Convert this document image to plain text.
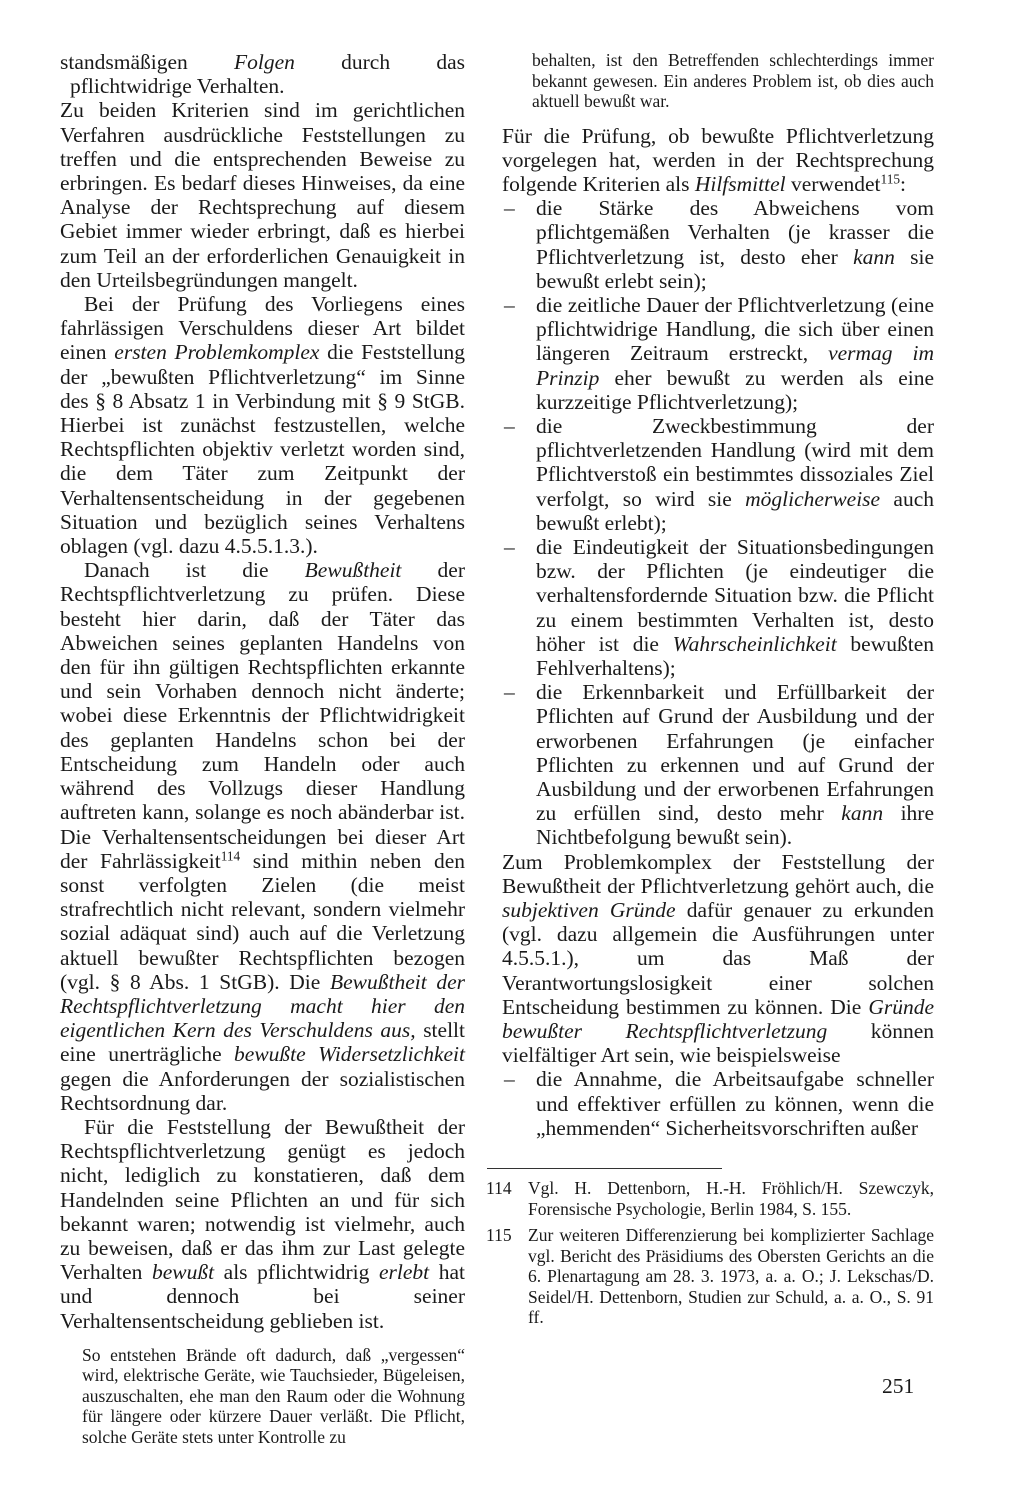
standsmäßigen Folgen durch das pflichtwidrige Verhalten.

Zu beiden Kriterien sind im gerichtlichen Verfahren ausdrückliche Feststellungen zu treffen und die entsprechenden Beweise zu erbringen. Es bedarf dieses Hinweises, da eine Analyse der Rechtsprechung auf diesem Gebiet immer wieder erbringt, daß es hierbei zum Teil an der erforderlichen Genauigkeit in den Urteilsbegründungen mangelt.

Bei der Prüfung des Vorliegens eines fahrlässigen Verschuldens dieser Art bildet einen ersten Problemkomplex die Feststellung der „bewußten Pflichtverletzung“ im Sinne des § 8 Absatz 1 in Verbindung mit § 9 StGB. Hierbei ist zunächst festzustellen, welche Rechtspflichten objektiv verletzt worden sind, die dem Täter zum Zeitpunkt der Verhaltensentscheidung in der gegebenen Situation und bezüglich seines Verhaltens oblagen (vgl. dazu 4.5.5.1.3.).

Danach ist die Bewußtheit der Rechtspflichtverletzung zu prüfen. Diese besteht hier darin, daß der Täter das Abweichen seines geplanten Handelns von den für ihn gültigen Rechtspflichten erkannte und sein Vorhaben dennoch nicht änderte; wobei diese Erkenntnis der Pflichtwidrigkeit des geplanten Handelns schon bei der Entscheidung zum Handeln oder auch während des Vollzugs dieser Handlung auftreten kann, solange es noch abänderbar ist. Die Verhaltensentscheidungen bei dieser Art der Fahrlässigkeit$^{114}$ sind mithin neben den sonst verfolgten Zielen (die meist strafrechtlich nicht relevant, sondern vielmehr sozial adäquat sind) auch auf die Verletzung aktuell bewußter Rechtspflichten bezogen (vgl. § 8 Abs. 1 StGB). Die Bewußtheit der Rechtspflichtverletzung macht hier den eigentlichen Kern des Verschuldens aus, stellt eine unerträgliche bewußte Widersetzlichkeit gegen die Anforderungen der sozialistischen Rechtsordnung dar.

Für die Feststellung der Bewußtheit der Rechtspflichtverletzung genügt es jedoch nicht, lediglich zu konstatieren, daß dem Handelnden seine Pflichten an und für sich bekannt waren; notwendig ist vielmehr, auch zu beweisen, daß er das ihm zur Last gelegte Verhalten bewußt als pflichtwidrig erlebt hat und dennoch bei seiner Verhaltensentscheidung geblieben ist.

So entstehen Brände oft dadurch, daß „vergessen“ wird, elektrische Geräte, wie Tauchsieder, Bügeleisen, auszuschalten, ehe man den Raum oder die Wohnung für längere oder kürzere Dauer verläßt. Die Pflicht, solche Geräte stets unter Kontrolle zu

behalten, ist den Betreffenden schlechterdings immer bekannt gewesen. Ein anderes Problem ist, ob dies auch aktuell bewußt war.

Für die Prüfung, ob bewußte Pflichtverletzung vorgelegen hat, werden in der Rechtsprechung folgende Kriterien als Hilfsmittel verwendet$^{115}$:

– die Stärke des Abweichens vom pflichtgemäßen Verhalten (je krasser die Pflichtverletzung ist, desto eher kann sie bewußt erlebt sein);
– die zeitliche Dauer der Pflichtverletzung (eine pflichtwidrige Handlung, die sich über einen längeren Zeitraum erstreckt, vermag im Prinzip eher bewußt zu werden als eine kurzzeitige Pflichtverletzung);
– die Zweckbestimmung der pflichtverletzenden Handlung (wird mit dem Pflichtverstoß ein bestimmtes dissoziales Ziel verfolgt, so wird sie möglicherweise auch bewußt erlebt);
– die Eindeutigkeit der Situationsbedingungen bzw. der Pflichten (je eindeutiger die verhaltensfordernde Situation bzw. die Pflicht zu einem bestimmten Verhalten ist, desto höher ist die Wahrscheinlichkeit bewußten Fehlverhaltens);
– die Erkennbarkeit und Erfüllbarkeit der Pflichten auf Grund der Ausbildung und der erworbenen Erfahrungen (je einfacher Pflichten zu erkennen und auf Grund der Ausbildung und der erworbenen Erfahrungen zu erfüllen sind, desto mehr kann ihre Nichtbefolgung bewußt sein).

Zum Problemkomplex der Feststellung der Bewußtheit der Pflichtverletzung gehört auch, die subjektiven Gründe dafür genauer zu erkunden (vgl. dazu allgemein die Ausführungen unter 4.5.5.1.), um das Maß der Verantwortungslosigkeit einer solchen Entscheidung bestimmen zu können. Die Gründe bewußter Rechtspflichtverletzung können vielfältiger Art sein, wie beispielsweise

– die Annahme, die Arbeitsaufgabe schneller und effektiver erfüllen zu können, wenn die „hemmenden“ Sicherheitsvorschriften außer
114 Vgl. H. Dettenborn, H.-H. Fröhlich/H. Szewczyk, Forensische Psychologie, Berlin 1984, S. 155.
115 Zur weiteren Differenzierung bei komplizierter Sachlage vgl. Bericht des Präsidiums des Obersten Gerichts an die 6. Plenartagung am 28. 3. 1973, a. a. O.; J. Lekschas/D. Seidel/H. Dettenborn, Studien zur Schuld, a. a. O., S. 91 ff.
251
